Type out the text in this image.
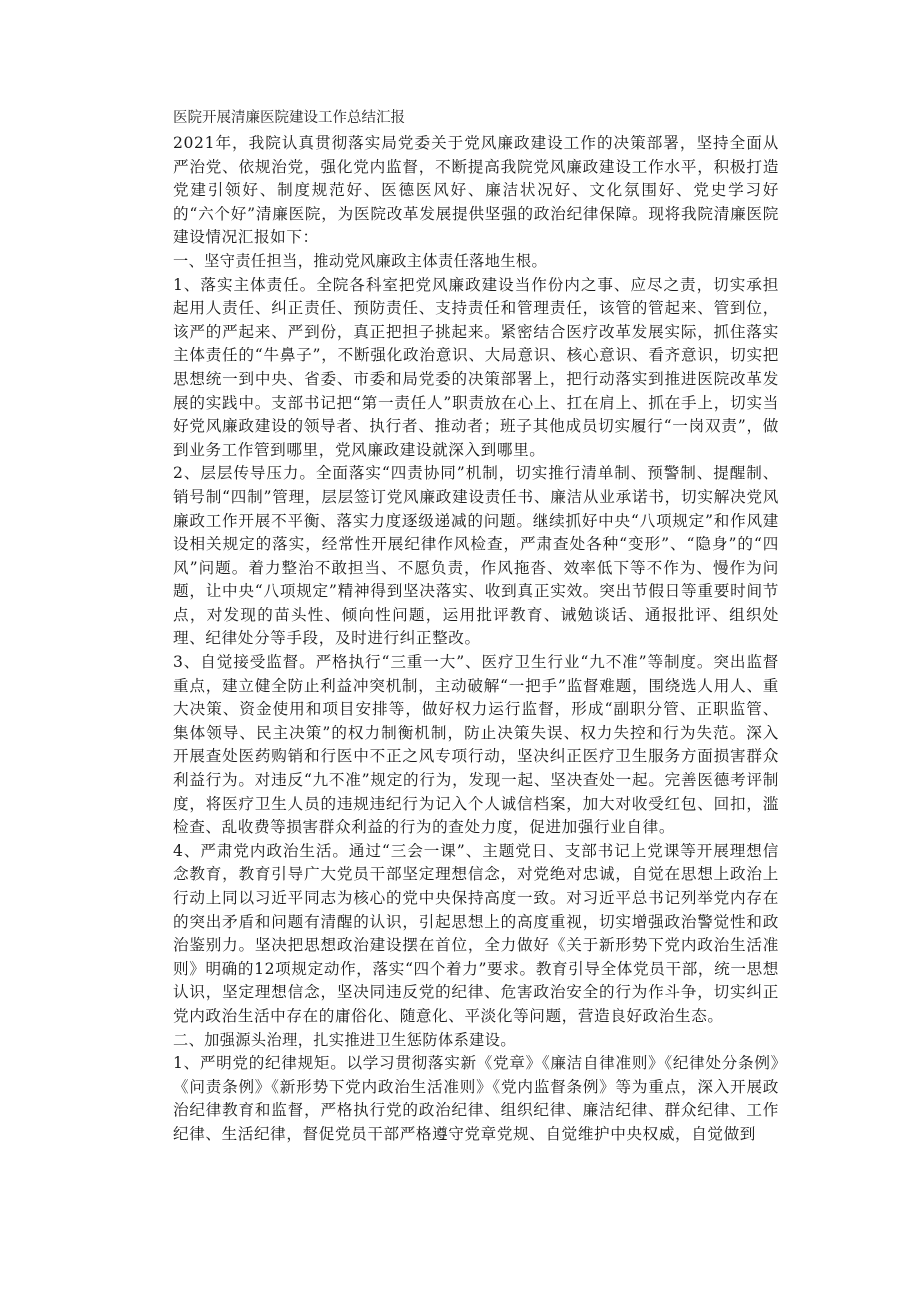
医院开展清廉医院建设工作总结汇报

2021年，我院认真贯彻落实局党委关于党风廉政建设工作的决策部署，坚持全面从严治党、依规治党，强化党内监督，不断提高我院党风廉政建设工作水平，积极打造党建引领好、制度规范好、医德医风好、廉洁状况好、文化氛围好、党史学习好的“六个好”清廉医院，为医院改革发展提供坚强的政治纪律保障。现将我院清廉医院建设情况汇报如下：

一、坚守责任担当，推动党风廉政主体责任落地生根。

1、落实主体责任。全院各科室把党风廉政建设当作份内之事、应尽之责，切实承担起用人责任、纠正责任、预防责任、支持责任和管理责任，该管的管起来、管到位，该严的严起来、严到份，真正把担子挑起来。紧密结合医疗改革发展实际，抓住落实主体责任的“牛鼻子”，不断强化政治意识、大局意识、核心意识、看齐意识，切实把思想统一到中央、省委、市委和局党委的决策部署上，把行动落实到推进医院改革发展的实践中。支部书记把“第一责任人”职责放在心上、扛在肩上、抓在手上，切实当好党风廉政建设的领导者、执行者、推动者；班子其他成员切实履行“一岗双责”，做到业务工作管到哪里，党风廉政建设就深入到哪里。

2、层层传导压力。全面落实“四责协同”机制，切实推行清单制、预警制、提醒制、销号制“四制”管理，层层签订党风廉政建设责任书、廉洁从业承诺书，切实解决党风廉政工作开展不平衡、落实力度逐级递减的问题。继续抓好中央“八项规定”和作风建设相关规定的落实，经常性开展纪律作风检查，严肃查处各种“变形”、“隐身”的“四风”问题。着力整治不敢担当、不愿负责，作风拖沓、效率低下等不作为、慢作为问题，让中央“八项规定”精神得到坚决落实、收到真正实效。突出节假日等重要时间节点，对发现的苗头性、倾向性问题，运用批评教育、诫勉谈话、通报批评、组织处理、纪律处分等手段，及时进行纠正整改。

3、自觉接受监督。严格执行“三重一大”、医疗卫生行业“九不准”等制度。突出监督重点，建立健全防止利益冲突机制，主动破解“一把手”监督难题，围绕选人用人、重大决策、资金使用和项目安排等，做好权力运行监督，形成“副职分管、正职监管、集体领导、民主决策”的权力制衡机制，防止决策失误、权力失控和行为失范。深入开展查处医药购销和行医中不正之风专项行动，坚决纠正医疗卫生服务方面损害群众利益行为。对违反“九不准”规定的行为，发现一起、坚决查处一起。完善医德考评制度，将医疗卫生人员的违规违纪行为记入个人诚信档案，加大对收受红包、回扣，滥检查、乱收费等损害群众利益的行为的查处力度，促进加强行业自律。

4、严肃党内政治生活。通过“三会一课”、主题党日、支部书记上党课等开展理想信念教育，教育引导广大党员干部坚定理想信念，对党绝对忠诚，自觉在思想上政治上行动上同以习近平同志为核心的党中央保持高度一致。对习近平总书记列举党内存在的突出矛盾和问题有清醒的认识，引起思想上的高度重视，切实增强政治警觉性和政治鉴别力。坚决把思想政治建设摆在首位，全力做好《关于新形势下党内政治生活准则》明确的12项规定动作，落实“四个着力”要求。教育引导全体党员干部，统一思想认识，坚定理想信念，坚决同违反党的纪律、危害政治安全的行为作斗争，切实纠正党内政治生活中存在的庸俗化、随意化、平淡化等问题，营造良好政治生态。

二、加强源头治理，扎实推进卫生惩防体系建设。

1、严明党的纪律规矩。以学习贯彻落实新《党章》《廉洁自律准则》《纪律处分条例》《问责条例》《新形势下党内政治生活准则》《党内监督条例》等为重点，深入开展政治纪律教育和监督，严格执行党的政治纪律、组织纪律、廉洁纪律、群众纪律、工作纪律、生活纪律，督促党员干部严格遵守党章党规、自觉维护中央权威，自觉做到
